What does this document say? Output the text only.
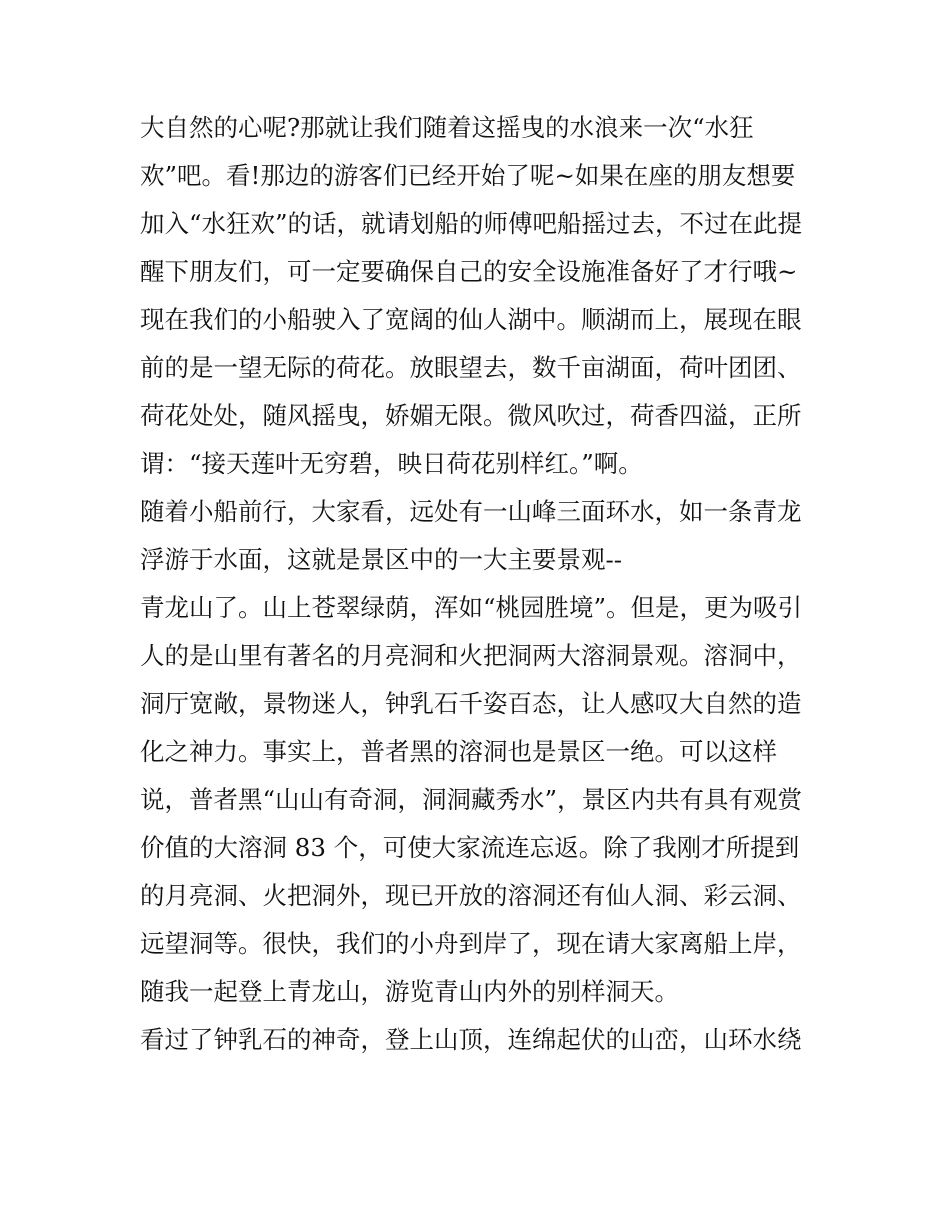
大自然的心呢?那就让我们随着这摇曳的水浪来一次“水狂
欢”吧。看!那边的游客们已经开始了呢~如果在座的朋友想要
加入“水狂欢”的话，就请划船的师傅吧船摇过去，不过在此提
醒下朋友们，可一定要确保自己的安全设施准备好了才行哦~
现在我们的小船驶入了宽阔的仙人湖中。顺湖而上，展现在眼
前的是一望无际的荷花。放眼望去，数千亩湖面，荷叶团团、
荷花处处，随风摇曳，娇媚无限。微风吹过，荷香四溢，正所
谓：“接天莲叶无穷碧，映日荷花别样红。”啊。
随着小船前行，大家看，远处有一山峰三面环水，如一条青龙
浮游于水面，这就是景区中的一大主要景观--
青龙山了。山上苍翠绿荫，浑如“桃园胜境”。但是，更为吸引
人的是山里有著名的月亮洞和火把洞两大溶洞景观。溶洞中，
洞厅宽敞，景物迷人，钟乳石千姿百态，让人感叹大自然的造
化之神力。事实上，普者黑的溶洞也是景区一绝。可以这样
说，普者黑“山山有奇洞，洞洞藏秀水”，景区内共有具有观赏
价值的大溶洞 83 个，可使大家流连忘返。除了我刚才所提到
的月亮洞、火把洞外，现已开放的溶洞还有仙人洞、彩云洞、
远望洞等。很快，我们的小舟到岸了，现在请大家离船上岸，
随我一起登上青龙山，游览青山内外的别样洞天。
看过了钟乳石的神奇，登上山顶，连绵起伏的山峦，山环水绕
